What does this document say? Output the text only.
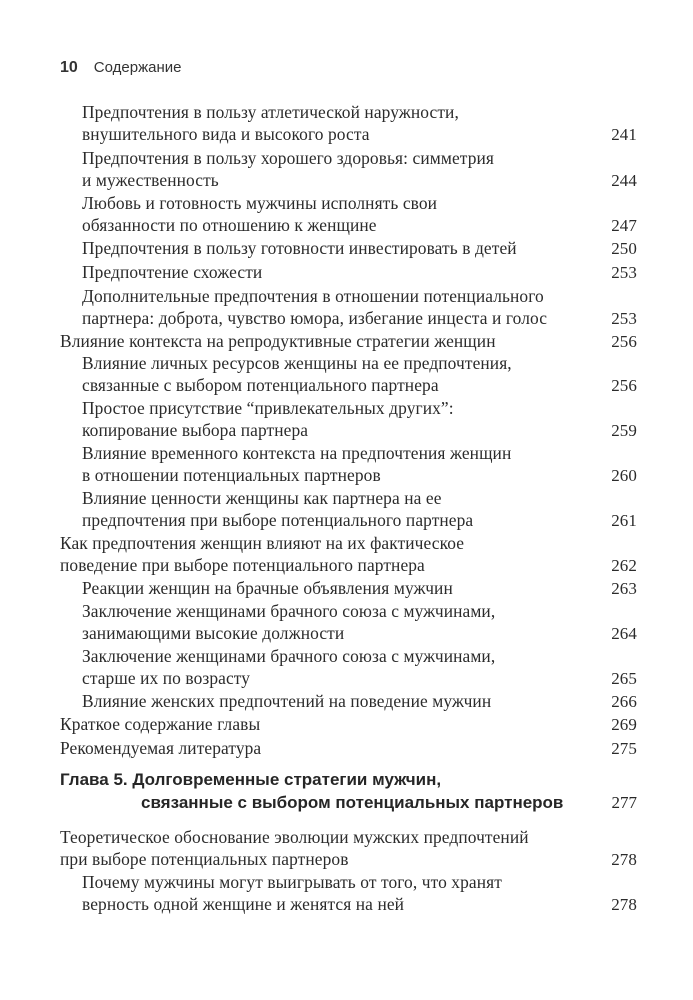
10 Содержание
Предпочтения в пользу атлетической наружности,
внушительного вида и высокого роста	241
Предпочтения в пользу хорошего здоровья: симметрия
и мужественность	244
Любовь и готовность мужчины исполнять свои
обязанности по отношению к женщине	247
Предпочтения в пользу готовности инвестировать в детей	250
Предпочтение схожести	253
Дополнительные предпочтения в отношении потенциального
партнера: доброта, чувство юмора, избегание инцеста и голос	253
Влияние контекста на репродуктивные стратегии женщин	256
Влияние личных ресурсов женщины на ее предпочтения,
связанные с выбором потенциального партнера	256
Простое присутствие “привлекательных других”:
копирование выбора партнера	259
Влияние временного контекста на предпочтения женщин
в отношении потенциальных партнеров	260
Влияние ценности женщины как партнера на ее
предпочтения при выборе потенциального партнера	261
Как предпочтения женщин влияют на их фактическое
поведение при выборе потенциального партнера	262
Реакции женщин на брачные объявления мужчин	263
Заключение женщинами брачного союза с мужчинами,
занимающими высокие должности	264
Заключение женщинами брачного союза с мужчинами,
старше их по возрасту	265
Влияние женских предпочтений на поведение мужчин	266
Краткое содержание главы	269
Рекомендуемая литература	275
Глава 5. Долговременные стратегии мужчин,
связанные с выбором потенциальных партнеров	277
Теоретическое обоснование эволюции мужских предпочтений
при выборе потенциальных партнеров	278
Почему мужчины могут выигрывать от того, что хранят
верность одной женщине и женятся на ней	278
